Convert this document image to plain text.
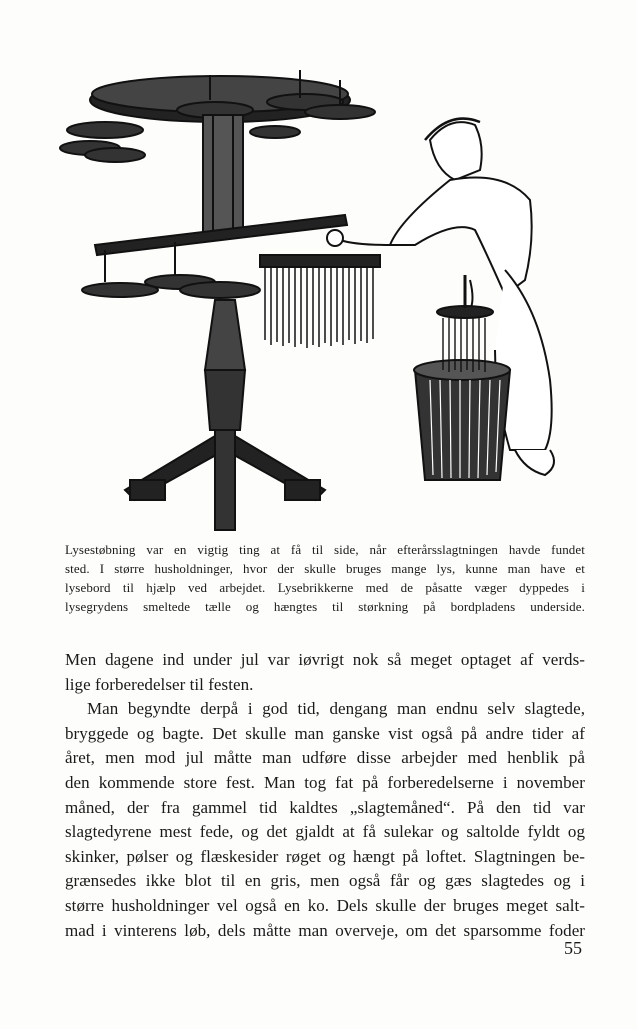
Lysestøbning var en vigtig ting at få til side, når efterårsslagtningen havde fundet
sted. I større husholdninger, hvor der skulle bruges mange lys, kunne man have et
lysebord til hjælp ved arbejdet. Lysebrikkerne med de påsatte væger dyppedes i
lysegrydens smeltede tælle og hængtes til størkning på bordpladens underside.
Men dagene ind under jul var iøvrigt nok så meget optaget af verds-
lige forberedelser til festen.
Man begyndte derpå i god tid, dengang man endnu selv slagtede,
bryggede og bagte. Det skulle man ganske vist også på andre tider af
året, men mod jul måtte man udføre disse arbejder med henblik på
den kommende store fest. Man tog fat på forberedelserne i november
måned, der fra gammel tid kaldtes „slagtemåned“. På den tid var
slagtedyrene mest fede, og det gjaldt at få sulekar og saltolde fyldt og
skinker, pølser og flæskesider røget og hængt på loftet. Slagtningen be-
grænsedes ikke blot til en gris, men også får og gæs slagtedes og i
større husholdninger vel også en ko. Dels skulle der bruges meget salt-
mad i vinterens løb, dels måtte man overveje, om det sparsomme foder
55
